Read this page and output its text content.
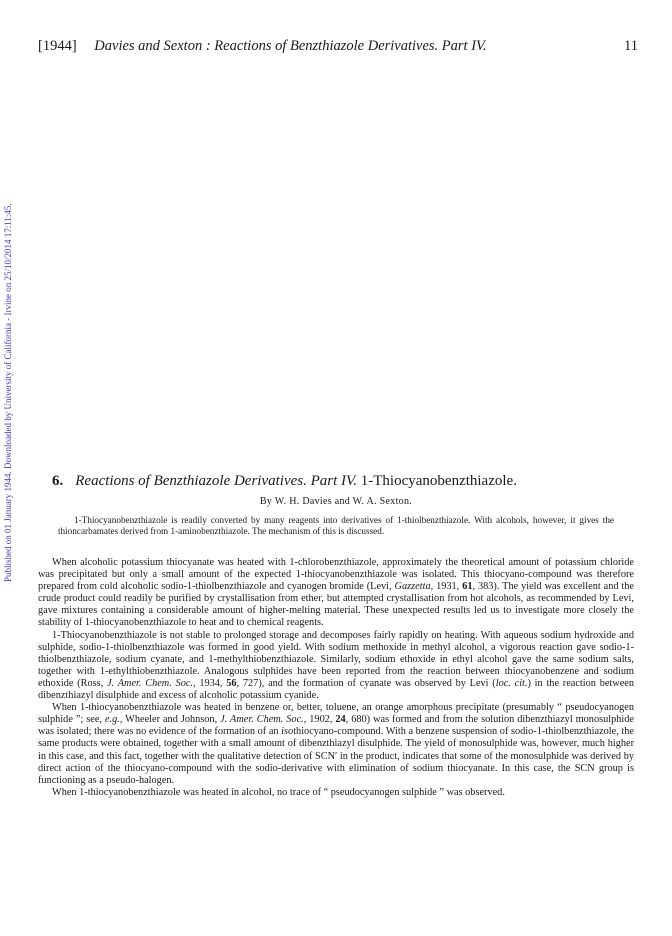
[1944] Davies and Sexton : Reactions of Benzthiazole Derivatives. Part IV.	11
Published on 01 January 1944. Downloaded by University of California - Irvine on 25/10/2014 17:11:45.	6. Reactions of Benzthiazole Derivatives. Part IV. 1-Thiocyanobenzthiazole.
By W. H. Davies and W. A. Sexton.

1-Thiocyanobenzthiazole is readily converted by many reagents into derivatives of 1-thiolbenzthiazole. With alcohols, however, it gives the thioncarbamates derived from 1-aminobenzthiazole. The mechanism of this is discussed.

When alcoholic potassium thiocyanate was heated with 1-chlorobenzthiazole, approximately the theoretical amount of potassium chloride was precipitated but only a small amount of the expected 1-thiocyanobenzthiazole was isolated. This thiocyano-compound was therefore prepared from cold alcoholic sodio-1-thiolbenzthiazole and cyanogen bromide (Levi, Gazzetta, 1931, 61, 383). The yield was excellent and the crude product could readily be purified by crystallisation from ether, but attempted crystallisation from hot alcohols, as recommended by Levi, gave mixtures containing a considerable amount of higher-melting material. These unexpected results led us to investigate more closely the stability of 1-thiocyanobenzthiazole to heat and to chemical reagents.

1-Thiocyanobenzthiazole is not stable to prolonged storage and decomposes fairly rapidly on heating. With aqueous sodium hydroxide and sulphide, sodio-1-thiolbenzthiazole was formed in good yield. With sodium methoxide in methyl alcohol, a vigorous reaction gave sodio-1-thiolbenzthiazole, sodium cyanate, and 1-methylthiobenzthiazole. Similarly, sodium ethoxide in ethyl alcohol gave the same sodium salts, together with 1-ethylthiobenzthiazole. Analogous sulphides have been reported from the reaction between thiocyanobenzene and sodium ethoxide (Ross, J. Amer. Chem. Soc., 1934, 56, 727), and the formation of cyanate was observed by Levi (loc. cit.) in the reaction between dibenzthiazyl disulphide and excess of alcoholic potassium cyanide.

When 1-thiocyanobenzthiazole was heated in benzene or, better, toluene, an orange amorphous precipitate (presumably “ pseudocyanogen sulphide ”; see, e.g., Wheeler and Johnson, J. Amer. Chem. Soc., 1902, 24, 680) was formed and from the solution dibenzthiazyl monosulphide was isolated; there was no evidence of the formation of an isothiocyano-compound. With a benzene suspension of sodio-1-thiolbenzthiazole, the same products were obtained, together with a small amount of dibenzthiazyl disulphide. The yield of monosulphide was, however, much higher in this case, and this fact, together with the qualitative detection of SCN′ in the product, indicates that some of the monosulphide was derived by direct action of the thiocyano-compound with the sodio-derivative with elimination of sodium thiocyanate. In this case, the SCN group is functioning as a pseudo-halogen.

When 1-thiocyanobenzthiazole was heated in alcohol, no trace of “ pseudocyanogen sulphide ” was observed.
